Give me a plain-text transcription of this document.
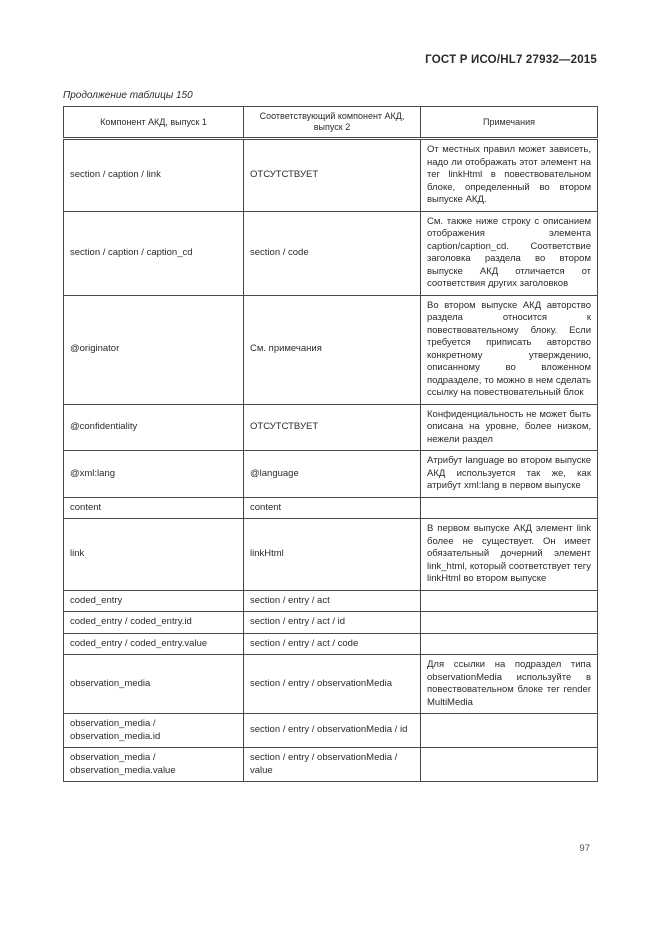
ГОСТ Р ИСО/HL7 27932—2015
Продолжение таблицы 150
Компонент АКД, выпуск 1	Соответствующий компонент АКД, выпуск 2	Примечания
section / caption / link	ОТСУТСТВУЕТ	От местных правил может зависеть, надо ли отображать этот элемент на тег linkHtml в повествовательном блоке, определенный во втором выпуске АКД.
section / caption / caption_cd	section / code	См. также ниже строку с описанием отображения элемента caption/caption_cd. Соответствие заголовка раздела во втором выпуске АКД отличается от соответствия других заголовков
@originator	См. примечания	Во втором выпуске АКД авторство раздела относится к повествовательному блоку. Если требуется приписать авторство конкретному утверждению, описанному во вложенном подразделе, то можно в нем сделать ссылку на повествовательный блок
@confidentiality	ОТСУТСТВУЕТ	Конфиденциальность не может быть описана на уровне, более низком, нежели раздел
@xml:lang	@language	Атрибут language во втором выпуске АКД используется так же, как атрибут xml:lang в первом выпуске
content	content	
link	linkHtml	В первом выпуске АКД элемент link более не существует. Он имеет обязательный дочерний элемент link_html, который соответствует тегу linkHtml во втором выпуске
coded_entry	section / entry / act	
coded_entry / coded_entry.id	section / entry / act / id	
coded_entry / coded_entry.value	section / entry / act / code	
observation_media	section / entry / observationMedia	Для ссылки на подраздел типа observationMedia используйте в повествовательном блоке тег render MultiMedia
observation_media / observation_media.id	section / entry / observationMedia / id	
observation_media / observation_media.value	section / entry / observationMedia / value	
97
